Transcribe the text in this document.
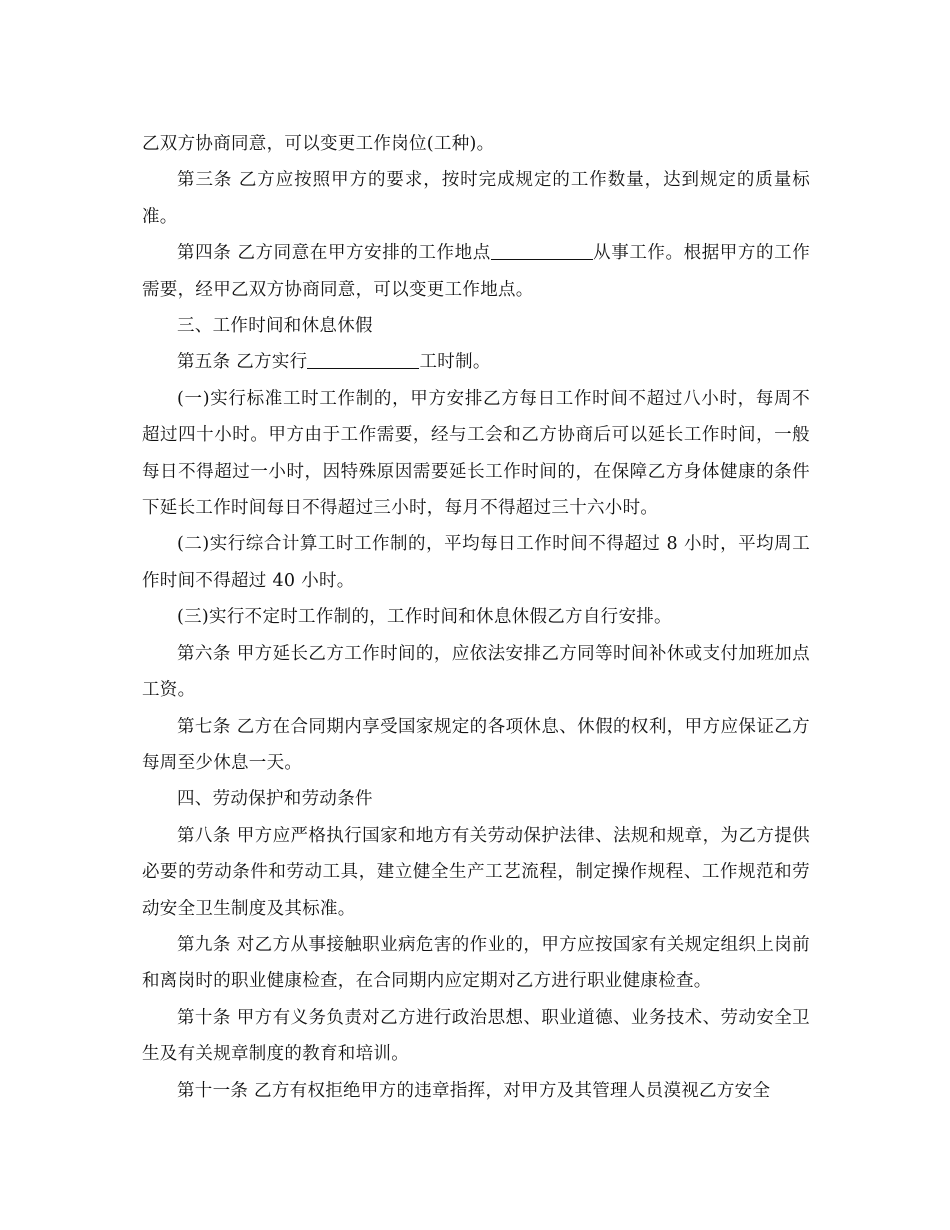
乙双方协商同意，可以变更工作岗位(工种)。

第三条 乙方应按照甲方的要求，按时完成规定的工作数量，达到规定的质量标准。

第四条 乙方同意在甲方安排的工作地点	从事工作。根据甲方的工作需要，经甲乙双方协商同意，可以变更工作地点。

三、工作时间和休息休假

第五条 乙方实行	工时制。

(一)实行标准工时工作制的，甲方安排乙方每日工作时间不超过八小时，每周不超过四十小时。甲方由于工作需要，经与工会和乙方协商后可以延长工作时间，一般每日不得超过一小时，因特殊原因需要延长工作时间的，在保障乙方身体健康的条件下延长工作时间每日不得超过三小时，每月不得超过三十六小时。

(二)实行综合计算工时工作制的，平均每日工作时间不得超过 8 小时，平均周工作时间不得超过 40 小时。

(三)实行不定时工作制的，工作时间和休息休假乙方自行安排。

第六条 甲方延长乙方工作时间的，应依法安排乙方同等时间补休或支付加班加点工资。

第七条 乙方在合同期内享受国家规定的各项休息、休假的权利，甲方应保证乙方每周至少休息一天。

四、劳动保护和劳动条件

第八条 甲方应严格执行国家和地方有关劳动保护法律、法规和规章，为乙方提供必要的劳动条件和劳动工具，建立健全生产工艺流程，制定操作规程、工作规范和劳动安全卫生制度及其标准。

第九条 对乙方从事接触职业病危害的作业的，甲方应按国家有关规定组织上岗前和离岗时的职业健康检查，在合同期内应定期对乙方进行职业健康检查。

第十条 甲方有义务负责对乙方进行政治思想、职业道德、业务技术、劳动安全卫生及有关规章制度的教育和培训。

第十一条 乙方有权拒绝甲方的违章指挥，对甲方及其管理人员漠视乙方安全
